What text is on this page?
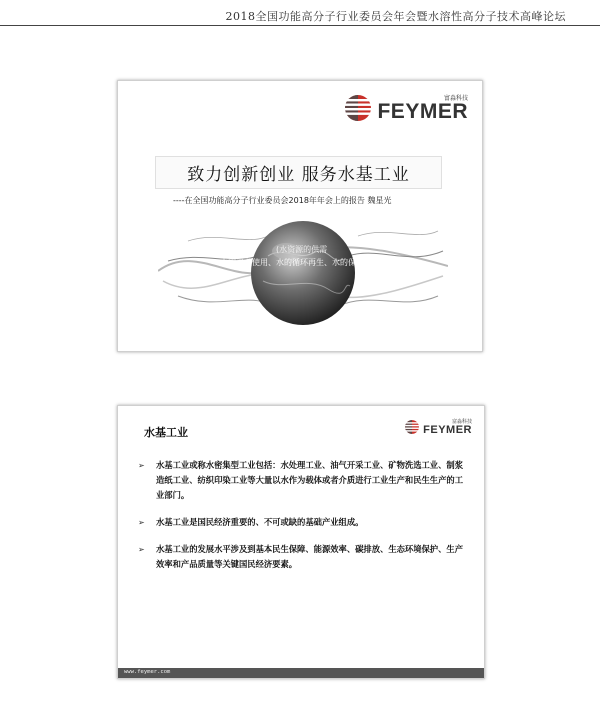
2018全国功能高分子行业委员会年会暨水溶性高分子技术高峰论坛
富淼科技
FEYMER
致力创新创业 服务水基工业
----在全国功能高分子行业委员会2018年年会上的报告 魏星光
(水资源的供需
水的工业使用、水的循环再生、水的保护
水基工业
富淼科技
FEYMER
➢ 水基工业或称水密集型工业包括：水处理工业、油气开采工业、矿物洗选工业、制浆造纸工业、纺织印染工业等大量以水作为载体或者介质进行工业生产和民生生产的工业部门。
➢ 水基工业是国民经济重要的、不可或缺的基础产业组成。
➢ 水基工业的发展水平涉及到基本民生保障、能源效率、碳排放、生态环境保护、生产效率和产品质量等关键国民经济要素。
www.feymer.com
